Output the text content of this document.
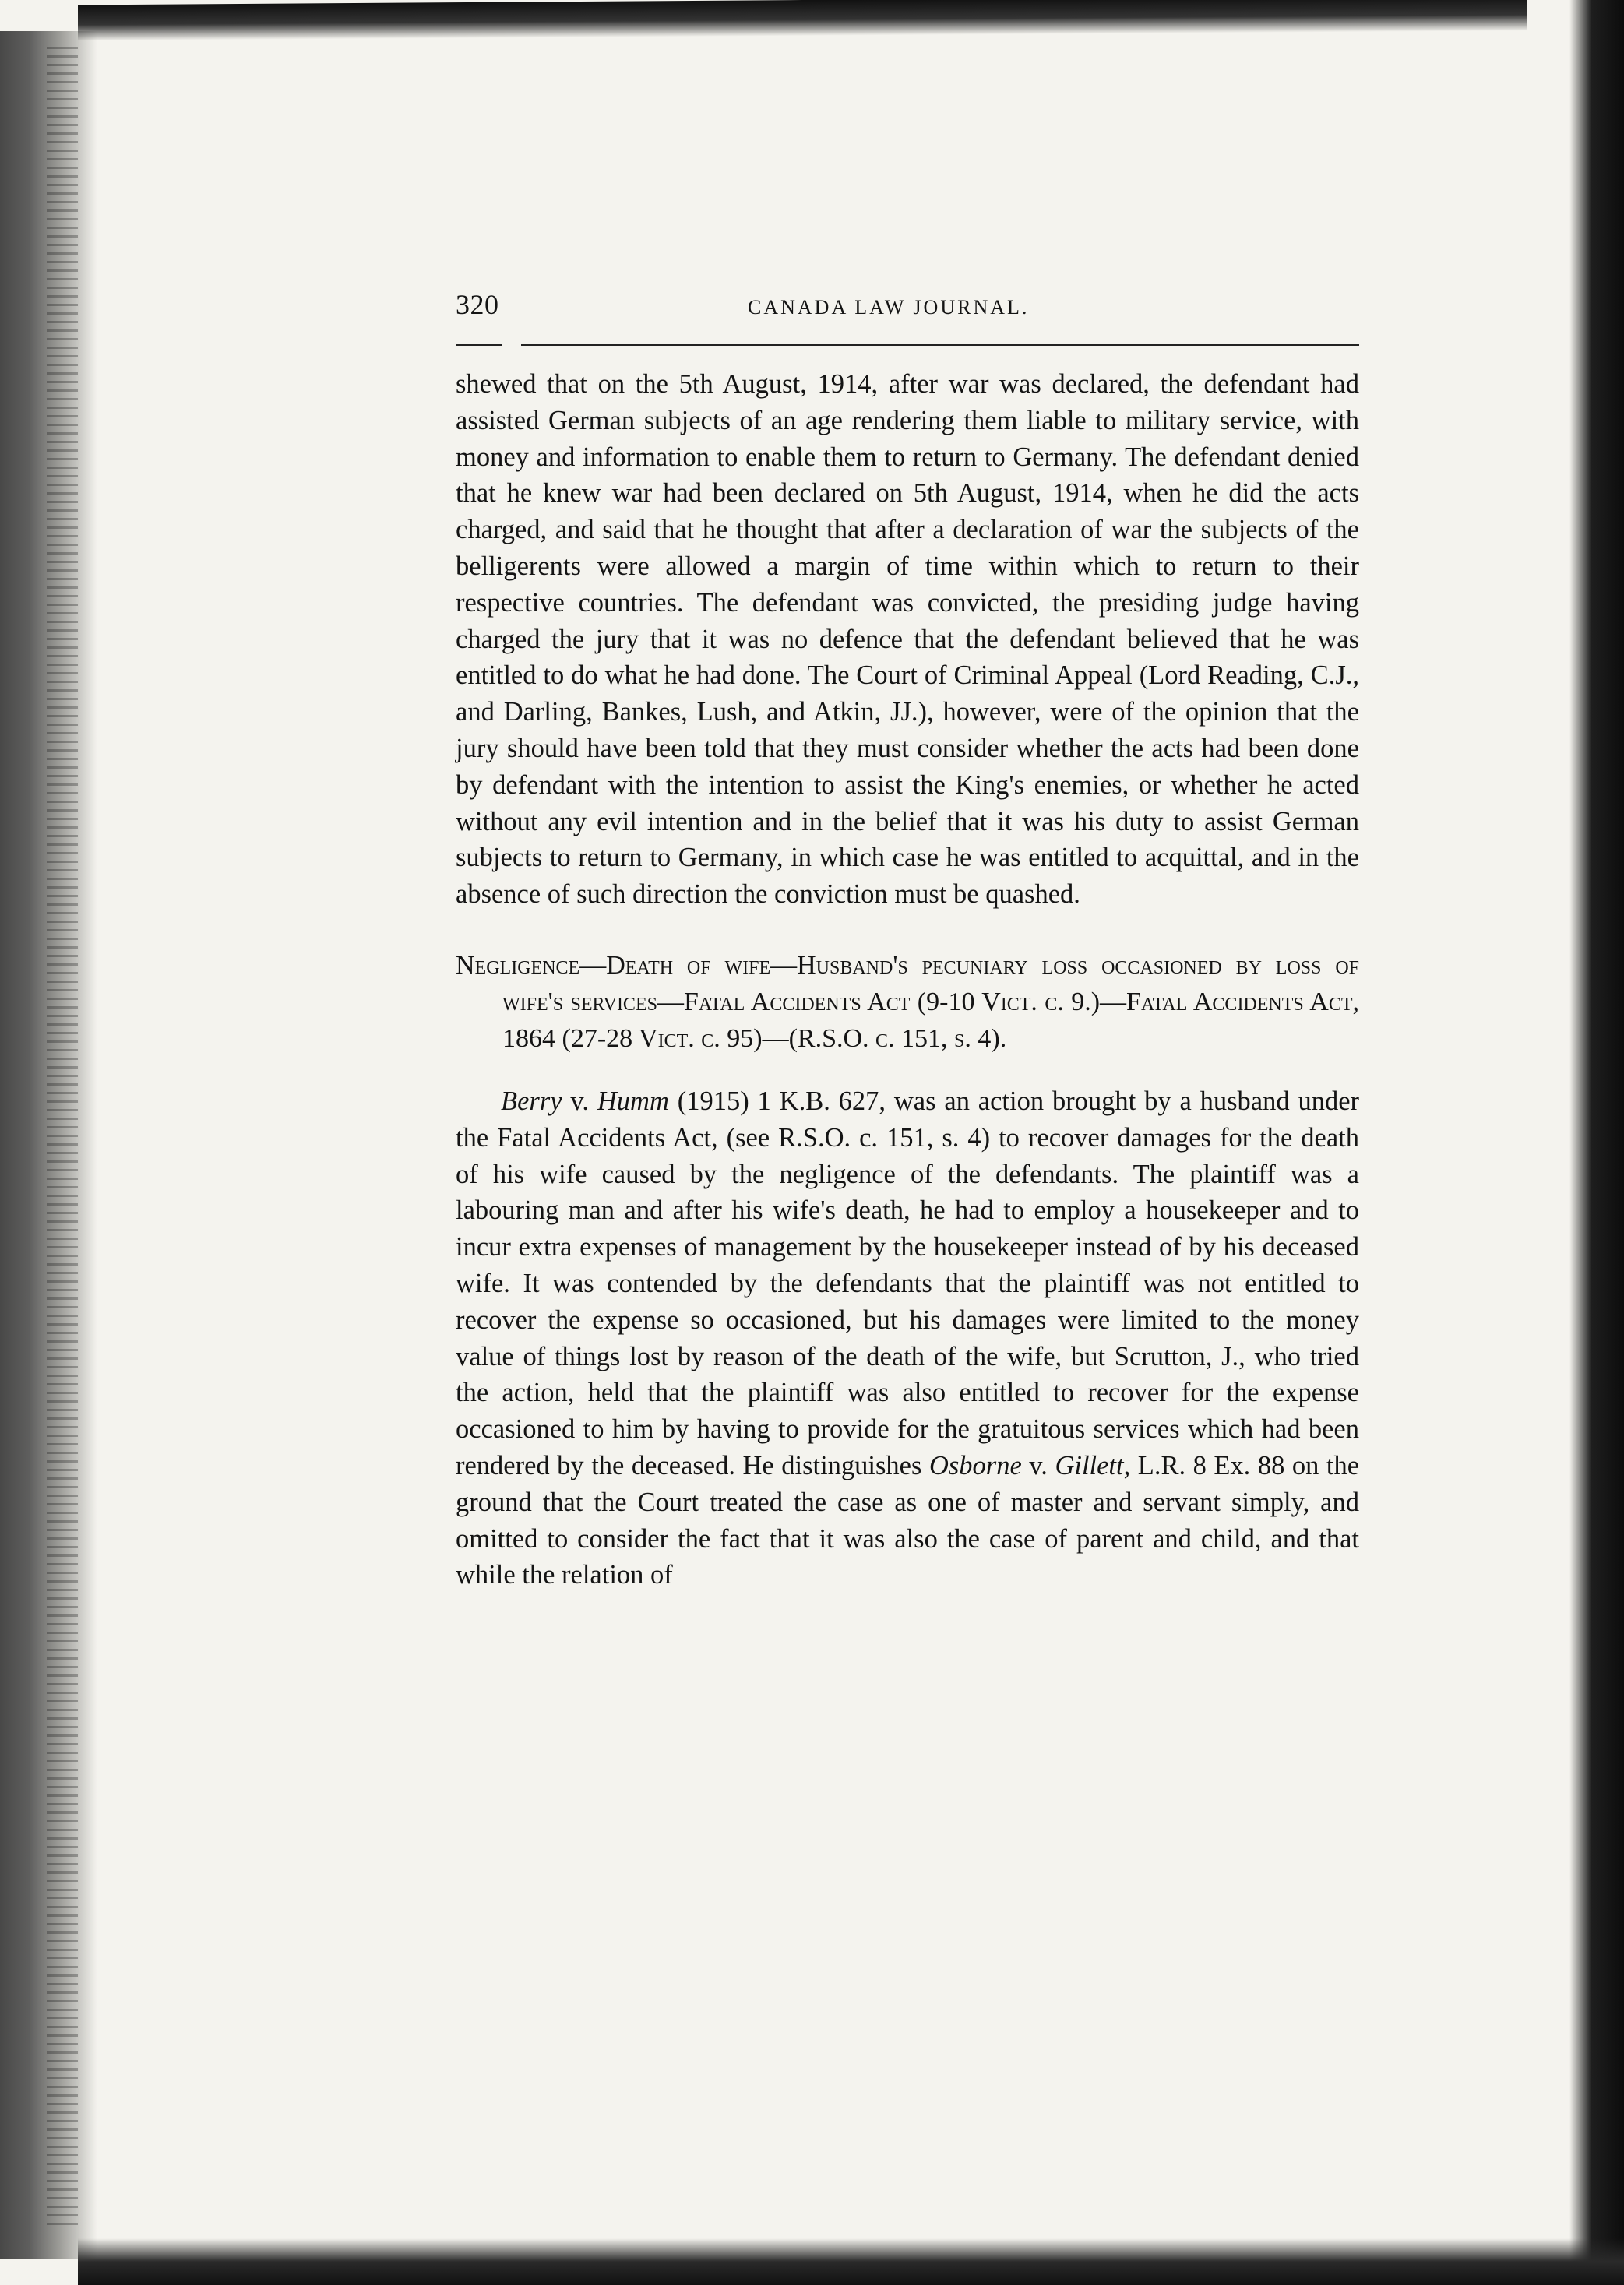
320	CANADA LAW JOURNAL.

shewed that on the 5th August, 1914, after war was declared, the defendant had assisted German subjects of an age rendering them liable to military service, with money and information to enable them to return to Germany. The defendant denied that he knew war had been declared on 5th August, 1914, when he did the acts charged, and said that he thought that after a declaration of war the subjects of the belligerents were allowed a margin of time within which to return to their respective countries. The defendant was convicted, the presiding judge having charged the jury that it was no defence that the defendant believed that he was entitled to do what he had done. The Court of Criminal Appeal (Lord Reading, C.J., and Darling, Bankes, Lush, and Atkin, JJ.), however, were of the opinion that the jury should have been told that they must consider whether the acts had been done by defendant with the intention to assist the King's enemies, or whether he acted without any evil intention and in the belief that it was his duty to assist German subjects to return to Germany, in which case he was entitled to acquittal, and in the absence of such direction the conviction must be quashed.

Negligence—Death of wife—Husband's pecuniary loss occasioned by loss of wife's services—Fatal Accidents Act (9-10 Vict. c. 9.)—Fatal Accidents Act, 1864 (27-28 Vict. c. 95)—(R.S.O. c. 151, s. 4).

Berry v. Humm (1915) 1 K.B. 627, was an action brought by a husband under the Fatal Accidents Act, (see R.S.O. c. 151, s. 4) to recover damages for the death of his wife caused by the negligence of the defendants. The plaintiff was a labouring man and after his wife's death, he had to employ a housekeeper and to incur extra expenses of management by the housekeeper instead of by his deceased wife. It was contended by the defendants that the plaintiff was not entitled to recover the expense so occasioned, but his damages were limited to the money value of things lost by reason of the death of the wife, but Scrutton, J., who tried the action, held that the plaintiff was also entitled to recover for the expense occasioned to him by having to provide for the gratuitous services which had been rendered by the deceased. He distinguishes Osborne v. Gillett, L.R. 8 Ex. 88 on the ground that the Court treated the case as one of master and servant simply, and omitted to consider the fact that it was also the case of parent and child, and that while the relation of
